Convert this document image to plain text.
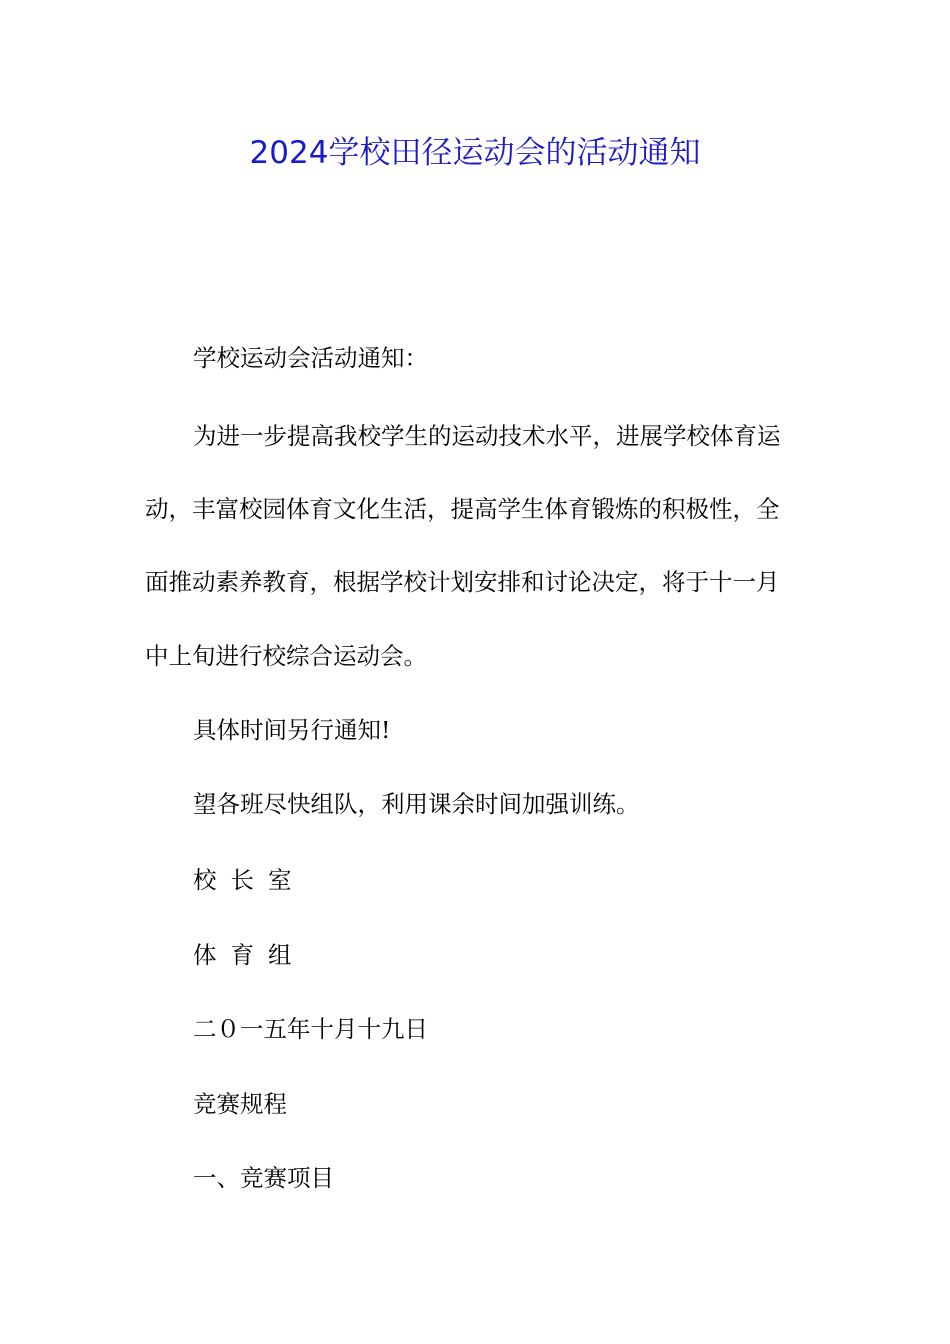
2024学校田径运动会的活动通知
学校运动会活动通知：
为进一步提高我校学生的运动技术水平，进展学校体育运
动，丰富校园体育文化生活，提高学生体育锻炼的积极性，全
面推动素养教育，根据学校计划安排和讨论决定，将于十一月
中上旬进行校综合运动会。
具体时间另行通知!
望各班尽快组队，利用课余时间加强训练。
校长室
体育组
二０一五年十月十九日
竞赛规程
一、竞赛项目
